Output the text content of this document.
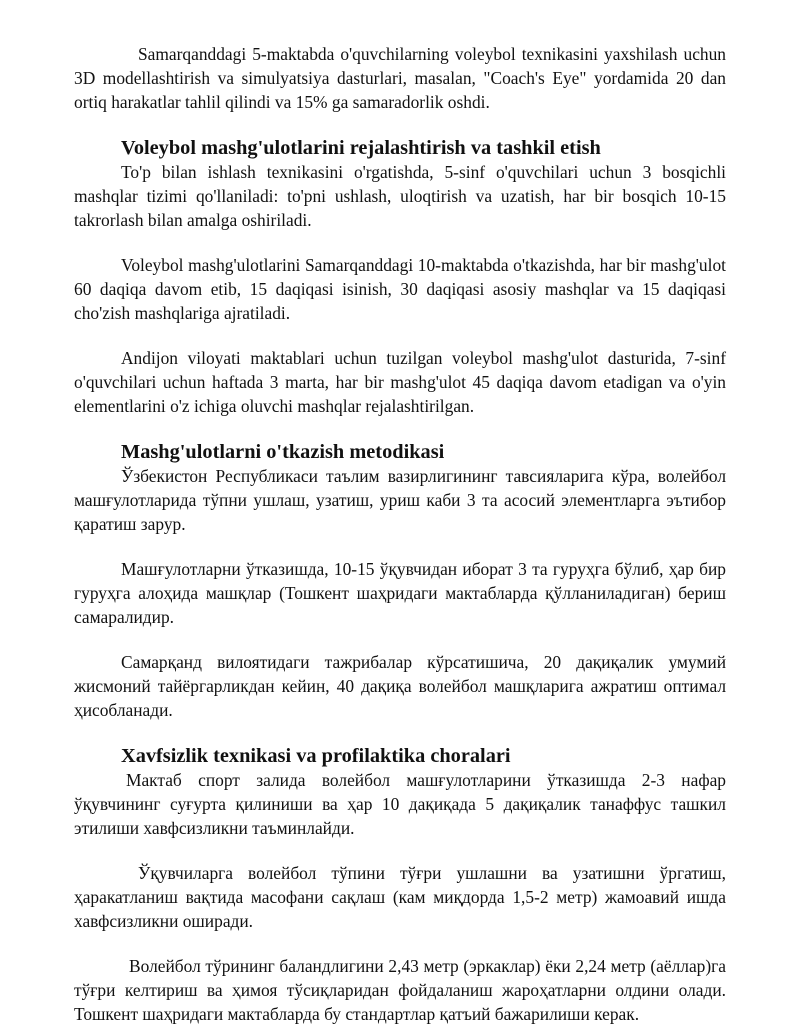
Samarqanddagi 5-maktabda o'quvchilarning voleybol texnikasini yaxshilash uchun 3D modellashtirish va simulyatsiya dasturlari, masalan, "Coach's Eye" yordamida 20 dan ortiq harakatlar tahlil qilindi va 15% ga samaradorlik oshdi.

Voleybol mashg'ulotlarini rejalashtirish va tashkil etish

To'p bilan ishlash texnikasini o'rgatishda, 5-sinf o'quvchilari uchun 3 bosqichli mashqlar tizimi qo'llaniladi: to'pni ushlash, uloqtirish va uzatish, har bir bosqich 10-15 takrorlash bilan amalga oshiriladi.

Voleybol mashg'ulotlarini Samarqanddagi 10-maktabda o'tkazishda, har bir mashg'ulot 60 daqiqa davom etib, 15 daqiqasi isinish, 30 daqiqasi asosiy mashqlar va 15 daqiqasi cho'zish mashqlariga ajratiladi.

Andijon viloyati maktablari uchun tuzilgan voleybol mashg'ulot dasturida, 7-sinf o'quvchilari uchun haftada 3 marta, har bir mashg'ulot 45 daqiqa davom etadigan va o'yin elementlarini o'z ichiga oluvchi mashqlar rejalashtirilgan.

Mashg'ulotlarni o'tkazish metodikasi

Ўзбекистон Республикаси таълим вазирлигининг тавсияларига кўра, волейбол машғулотларида тўпни ушлаш, узатиш, уриш каби 3 та асосий элементларга эътибор қаратиш зарур.

Машғулотларни ўтказишда, 10-15 ўқувчидан иборат 3 та гуруҳга бўлиб, ҳар бир гуруҳга алоҳида машқлар (Тошкент шаҳридаги мактабларда қўлланиладиган) бериш самаралидир.

Самарқанд вилоятидаги тажрибалар кўрсатишича, 20 дақиқалик умумий жисмоний тайёргарликдан кейин, 40 дақиқа волейбол машқларига ажратиш оптимал ҳисобланади.

Xavfsizlik texnikasi va profilaktika choralari

Мактаб спорт залида волейбол машғулотларини ўтказишда 2-3 нафар ўқувчининг суғурта қилиниши ва ҳар 10 дақиқада 5 дақиқалик танаффус ташкил этилиши хавфсизликни таъминлайди.

Ўқувчиларга волейбол тўпини тўғри ушлашни ва узатишни ўргатиш, ҳаракатланиш вақтида масофани сақлаш (кам миқдорда 1,5-2 метр) жамоавий ишда хавфсизликни оширади.

Волейбол тўрининг баландлигини 2,43 метр (эркаклар) ёки 2,24 метр (аёллар)га тўғри келтириш ва ҳимоя тўсиқларидан фойдаланиш жароҳатларни олдини олади. Тошкент шаҳридаги мактабларда бу стандартлар қатъий бажарилиши керак.
